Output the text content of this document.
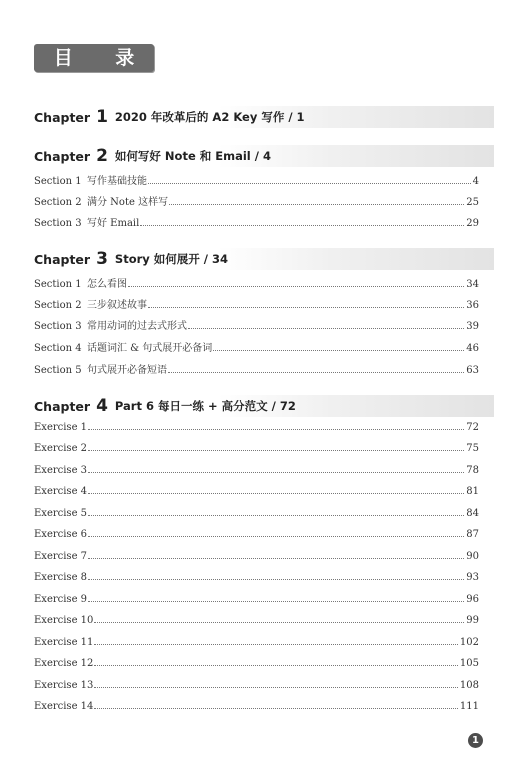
目 录
Chapter 1 2020 年改革后的 A2 Key 写作 / 1
Chapter 2 如何写好 Note 和 Email / 4
Section 1 写作基础技能	4
Section 2 满分 Note 这样写	25
Section 3 写好 Email	29
Chapter 3 Story 如何展开 / 34
Section 1 怎么看图	34
Section 2 三步叙述故事	36
Section 3 常用动词的过去式形式	39
Section 4 话题词汇 & 句式展开必备词	46
Section 5 句式展开必备短语	63
Chapter 4 Part 6 每日一练 + 高分范文 / 72
Exercise 1	72
Exercise 2	75
Exercise 3	78
Exercise 4	81
Exercise 5	84
Exercise 6	87
Exercise 7	90
Exercise 8	93
Exercise 9	96
Exercise 10	99
Exercise 11	102
Exercise 12	105
Exercise 13	108
Exercise 14	111
1
